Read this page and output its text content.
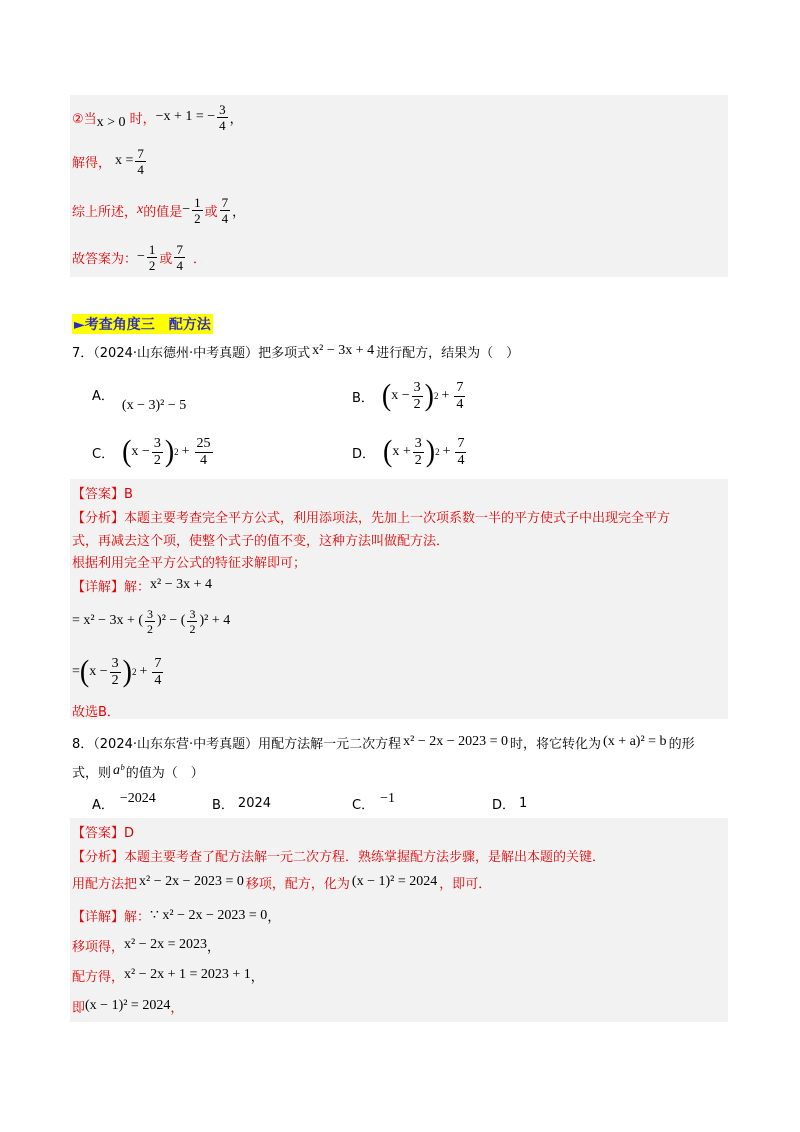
②当 x > 0 时， −x + 1 = − $\frac{3}{4}$ ，
解得， $x = \frac{7}{4}$
综上所述， x 的值是 − $\frac{1}{2}$ 或 $\frac{7}{4}$ ，
故答案为： − $\frac{1}{2}$ 或 $\frac{7}{4}$ ．
►考查角度三　配方法
7．（2024·山东德州·中考真题）把多项式 x² − 3x + 4 进行配方，结果为（　）
A．
(x − 3)² − 5	B． ( $x - \frac{3}{2}$ ) $2 + \frac{7}{4}$
C． ( $x - \frac{3}{2}$ ) $2 + \frac{25}{4}$	D． ( $x + \frac{3}{2}$ ) $2 + \frac{7}{4}$
【答案】B
【分析】本题主要考查完全平方公式，利用添项法，先加上一次项系数一半的平方使式子中出现完全平方
式，再减去这个项，使整个式子的值不变，这种方法叫做配方法．
根据利用完全平方公式的特征求解即可；
【详解】解： x² − 3x + 4
= x² − 3x + ( $\frac{3}{2} )^2$ − ( $\frac{3}{2} )^2 + 4$
= ( $x - \frac{3}{2}$ ) $2 + \frac{7}{4}$
故选B．
8．（2024·山东东营·中考真题）用配方法解一元二次方程 x² − 2x − 2023 = 0 时，将它转化为 (x + a)² = b 的形
式，则 aᵇ 的值为（　）
A． −2024	B． 2024	C． −1	D． 1
【答案】D
【分析】本题主要考查了配方法解一元二次方程．熟练掌握配方法步骤，是解出本题的关键．
用配方法把 x² − 2x − 2023 = 0 移项，配方，化为 (x − 1)² = 2024 ，即可．
【详解】解： ∵ x² − 2x − 2023 = 0 ，
移项得， x² − 2x = 2023 ，
配方得， x² − 2x + 1 = 2023 + 1 ，
即 (x − 1)² = 2024 ，
